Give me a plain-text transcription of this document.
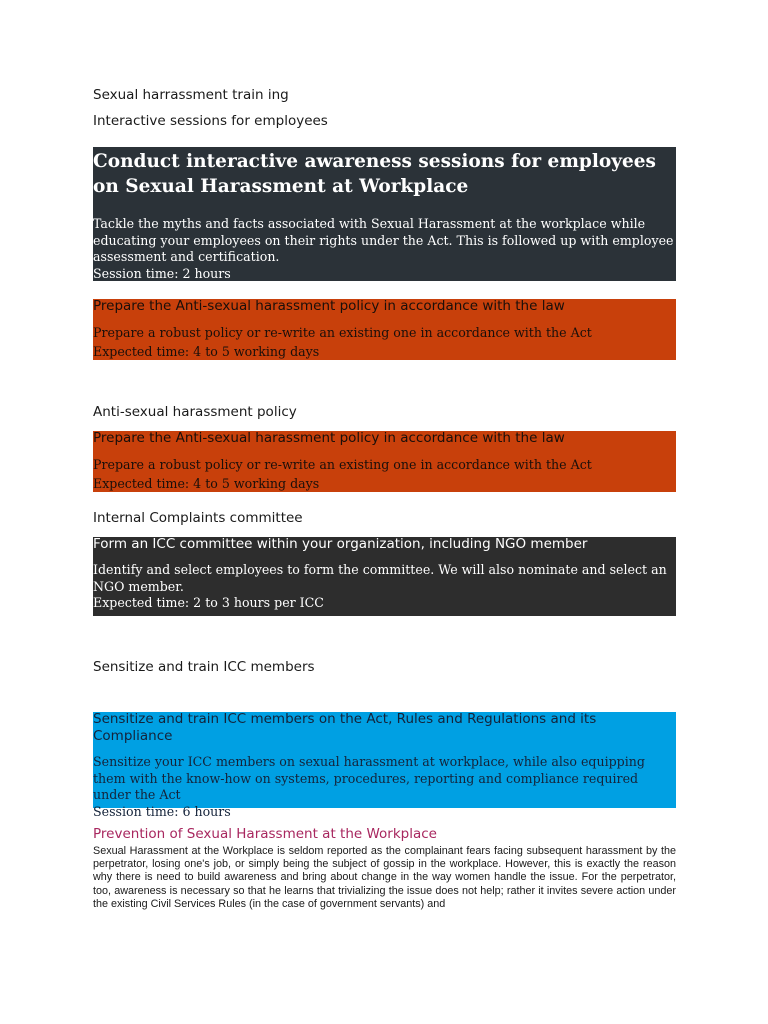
Sexual harrassment train ing
Interactive sessions for employees

Conduct interactive awareness sessions for employees on Sexual Harassment at Workplace

Tackle the myths and facts associated with Sexual Harassment at the workplace while educating your employees on their rights under the Act. This is followed up with employee assessment and certification.

Session time: 2 hours

Prepare the Anti-sexual harassment policy in accordance with the law

Prepare a robust policy or re-write an existing one in accordance with the Act

Expected time: 4 to 5 working days

Anti-sexual harassment policy

Prepare the Anti-sexual harassment policy in accordance with the law

Prepare a robust policy or re-write an existing one in accordance with the Act

Expected time: 4 to 5 working days

Internal Complaints committee

Form an ICC committee within your organization, including NGO member

Identify and select employees to form the committee. We will also nominate and select an NGO member.

Expected time: 2 to 3 hours per ICC

Sensitize and train ICC members

Sensitize and train ICC members on the Act, Rules and Regulations and its Compliance

Sensitize your ICC members on sexual harassment at workplace, while also equipping them with the know-how on systems, procedures, reporting and compliance required under the Act

Session time: 6 hours

Prevention of Sexual Harassment at the Workplace

Sexual Harassment at the Workplace is seldom reported as the complainant fears facing subsequent harassment by the perpetrator, losing one's job, or simply being the subject of gossip in the workplace. However, this is exactly the reason why there is need to build awareness and bring about change in the way women handle the issue. For the perpetrator, too, awareness is necessary so that he learns that trivializing the issue does not help; rather it invites severe action under the existing Civil Services Rules (in the case of government servants) and
